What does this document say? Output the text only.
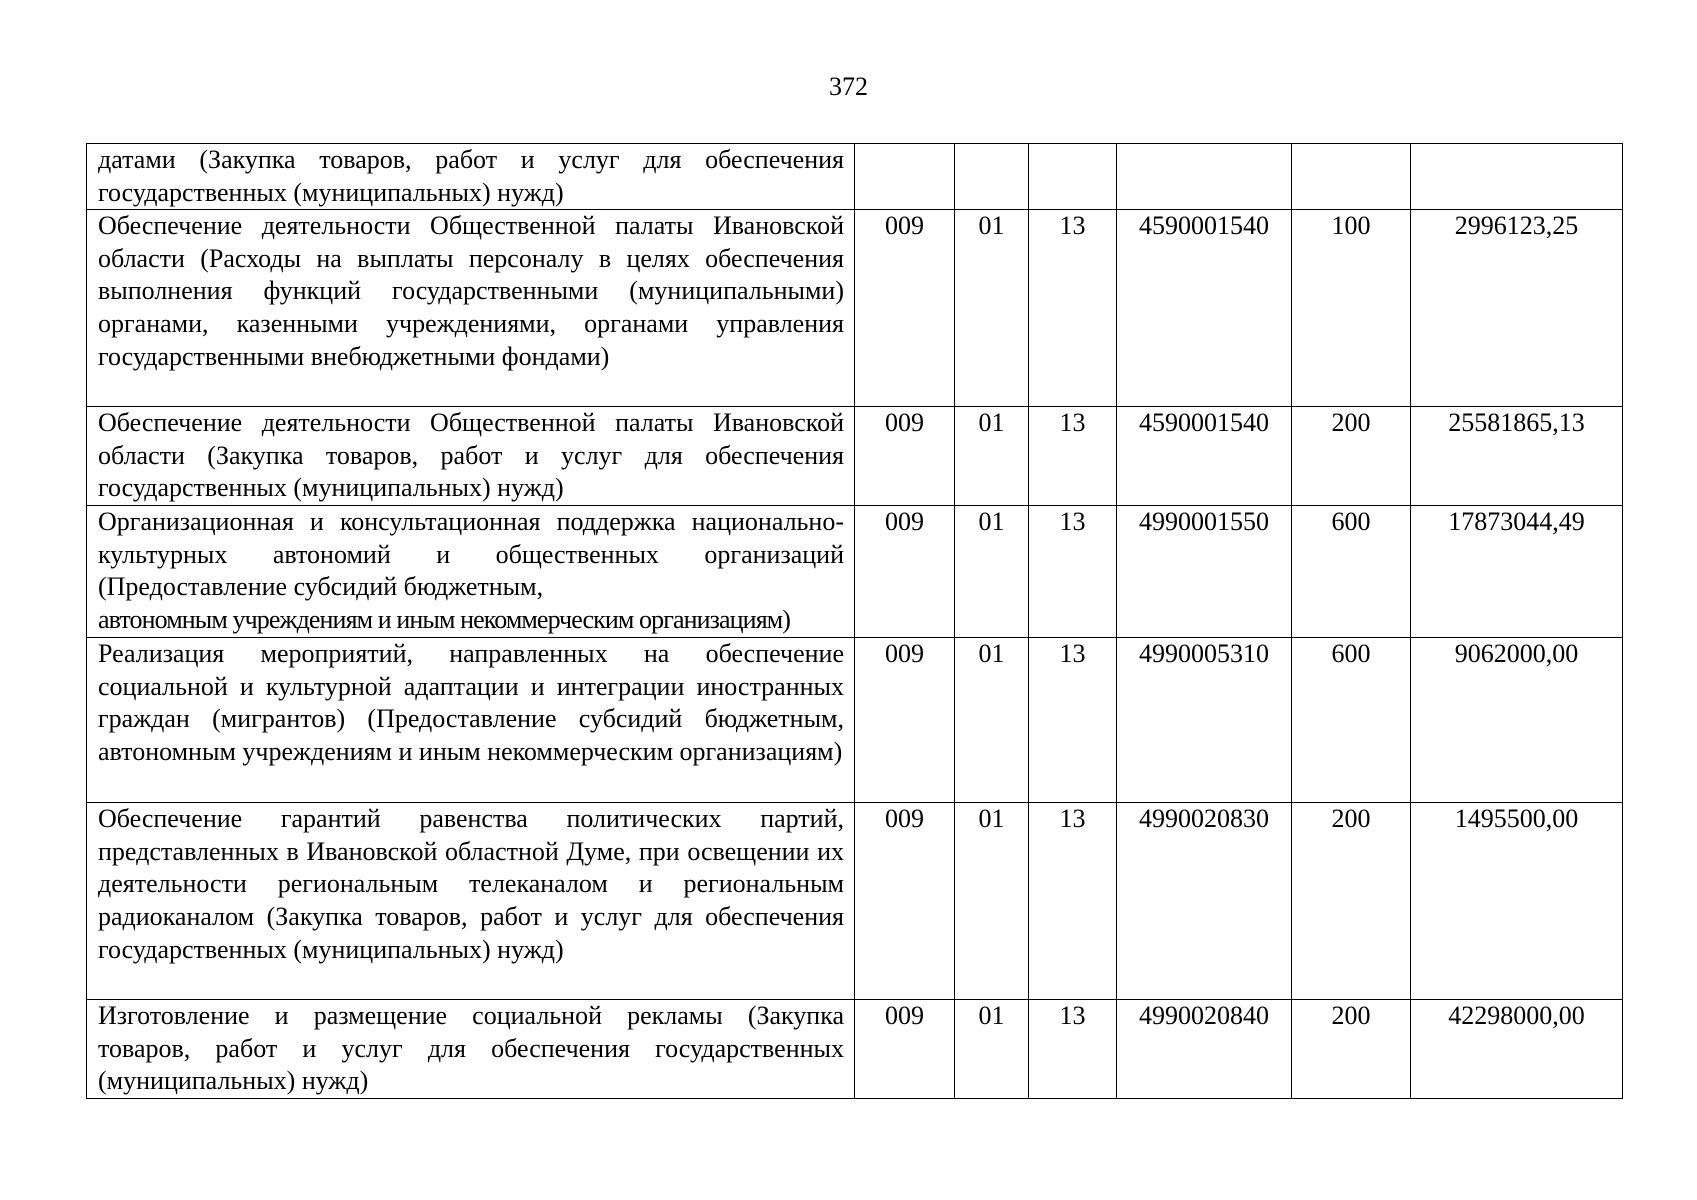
372
датами (Закупка товаров, работ и услуг для обеспечения государственных (муниципальных) нужд)						
Обеспечение деятельности Общественной палаты Ивановской области (Расходы на выплаты персоналу в целях обеспечения выполнения функций государственными (муниципальными) органами, казенными учреждениями, органами управления государственными внебюджетными фондами)	009	01	13	4590001540	100	2996123,25
Обеспечение деятельности Общественной палаты Ивановской области (Закупка товаров, работ и услуг для обеспечения государственных (муниципальных) нужд)	009	01	13	4590001540	200	25581865,13
Организационная и консультационная поддержка национально-культурных автономий и общественных организаций (Предоставление субсидий бюджетным,
автономным учреждениям и иным некоммерческим организациям)	009	01	13	4990001550	600	17873044,49
Реализация мероприятий, направленных на обеспечение социальной и культурной адаптации и интеграции иностранных граждан (мигрантов) (Предоставление субсидий бюджетным, автономным учреждениям и иным некоммерческим организациям)	009	01	13	4990005310	600	9062000,00
Обеспечение гарантий равенства политических партий, представленных в Ивановской областной Думе, при освещении их деятельности региональным телеканалом и региональным радиоканалом (Закупка товаров, работ и услуг для обеспечения государственных (муниципальных) нужд)	009	01	13	4990020830	200	1495500,00
Изготовление и размещение социальной рекламы (Закупка товаров, работ и услуг для обеспечения государственных (муниципальных) нужд)	009	01	13	4990020840	200	42298000,00
